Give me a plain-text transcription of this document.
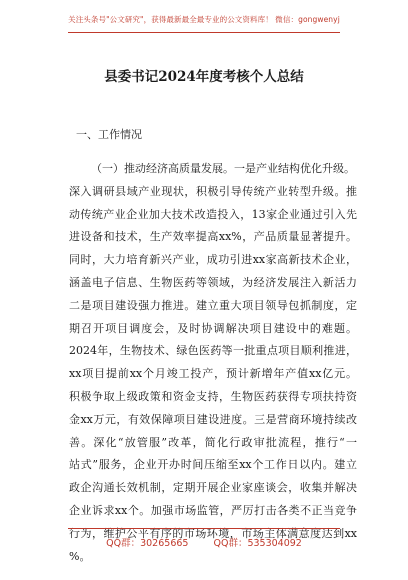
关注头条号"公文研究"，获得最新最全最专业的公文资料库！ 微信：gongwenyj
县委书记2024年度考核个人总结
一、工作情况
（一）推动经济高质量发展。一是产业结构优化升级。
深入调研县域产业现状，积极引导传统产业转型升级。推
动传统产业企业加大技术改造投入，13家企业通过引入先
进设备和技术，生产效率提高xx%，产品质量显著提升。
同时，大力培育新兴产业，成功引进xx家高新技术企业，
涵盖电子信息、生物医药等领域，为经济发展注入新活力
二是项目建设强力推进。建立重大项目领导包抓制度，定
期召开项目调度会，及时协调解决项目建设中的难题。
2024年，生物技术、绿色医药等一批重点项目顺利推进，
xx项目提前xx个月竣工投产，预计新增年产值xx亿元。
积极争取上级政策和资金支持，生物医药获得专项扶持资
金xx万元，有效保障项目建设进度。三是营商环境持续改
善。深化“放管服”改革，简化行政审批流程，推行“一
站式”服务，企业开办时间压缩至xx个工作日以内。建立
政企沟通长效机制，定期开展企业家座谈会，收集并解决
企业诉求xx个。加强市场监管，严厉打击各类不正当竞争
行为，维护公平有序的市场环境，市场主体满意度达到xx
%。
QQ群：30265665	QQ群：535304092
